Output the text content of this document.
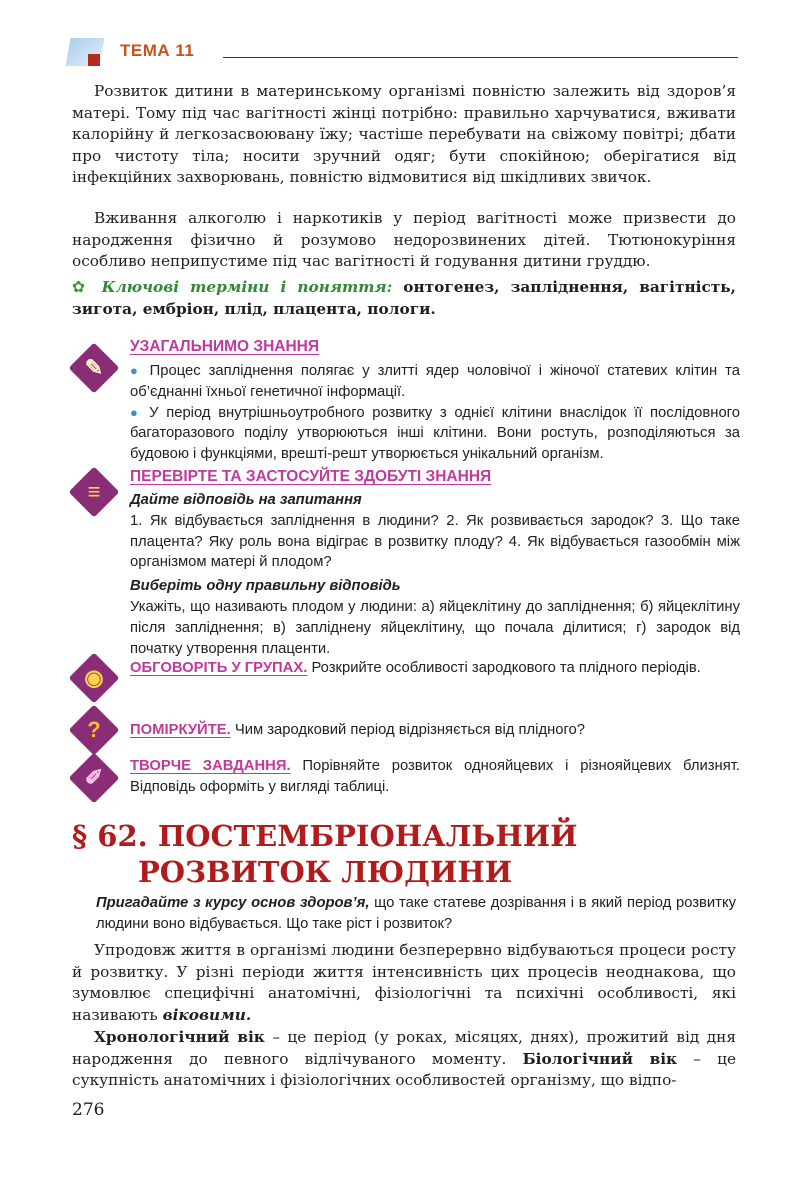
ТЕМА 11

Розвиток дитини в материнському організмі повністю залежить від здоров’я матері. Тому під час вагітності жінці потрібно: правильно харчуватися, вживати калорійну й легкозасвоювану їжу; частіше перебувати на свіжому повітрі; дбати про чистоту тіла; носити зручний одяг; бути спокійною; оберігатися від інфекційних захворювань, повністю відмовитися від шкідливих звичок.

Вживання алкоголю і наркотиків у період вагітності може призвести до народження фізично й розумово недорозвинених дітей. Тютюнокуріння особливо неприпустиме під час вагітності й годування дитини груддю.

✿ Ключові терміни і поняття: онтогенез, запліднення, вагітність, зигота, ембріон, плід, плацента, пологи.
✎
УЗАГАЛЬНИМО ЗНАННЯ
● Процес запліднення полягає у злитті ядер чоловічої і жіночої статевих клітин та об’єднанні їхньої генетичної інформації.
● У період внутрішньоутробного розвитку з однієї клітини внаслідок її послідовного багаторазового поділу утворюються інші клітини. Вони ростуть, розподіляються за будовою і функціями, врешті-решт утворюється унікальний організм.
≡
ПЕРЕВІРТЕ ТА ЗАСТОСУЙТЕ ЗДОБУТІ ЗНАННЯ
Дайте відповідь на запитання
1. Як відбувається запліднення в людини? 2. Як розвивається зародок? 3. Що таке плацента? Яку роль вона відіграє в розвитку плоду? 4. Як відбувається газообмін між організмом матері й плодом?
Виберіть одну правильну відповідь
Укажіть, що називають плодом у людини: а) яйцеклітину до запліднення; б) яйцеклітину після запліднення; в) заплiднену яйцеклітину, що почала ділитися; г) зародок від початку утворення плаценти.
◉	ОБГОВОРІТЬ У ГРУПАХ. Розкрийте особливості зародкового та плідного періодів.
?	ПОМІРКУЙТЕ. Чим зародковий період відрізняється від плідного?
✐	ТВОРЧЕ ЗАВДАННЯ. Порівняйте розвиток однояйцевих і різнояйцевих близнят. Відповідь оформіть у вигляді таблиці.
§ 62. ПОСТЕМБРІОНАЛЬНИЙ
РОЗВИТОК ЛЮДИНИ
Пригадайте з курсу основ здоров’я, що таке статеве дозрівання і в який період розвитку людини воно відбувається. Що таке ріст і розвиток?

Упродовж життя в організмі людини безперервно відбуваються процеси росту й розвитку. У різні періоди життя інтенсивність цих процесів неоднакова, що зумовлює специфічні анатомічні, фізіологічні та психічні особливості, які називають віковими.

Хронологічний вік – це період (у роках, місяцях, днях), прожитий від дня народження до певного відлічуваного моменту. Біологічний вік – це сукупність анатомічних і фізіологічних особливостей організму, що відпо-

276
